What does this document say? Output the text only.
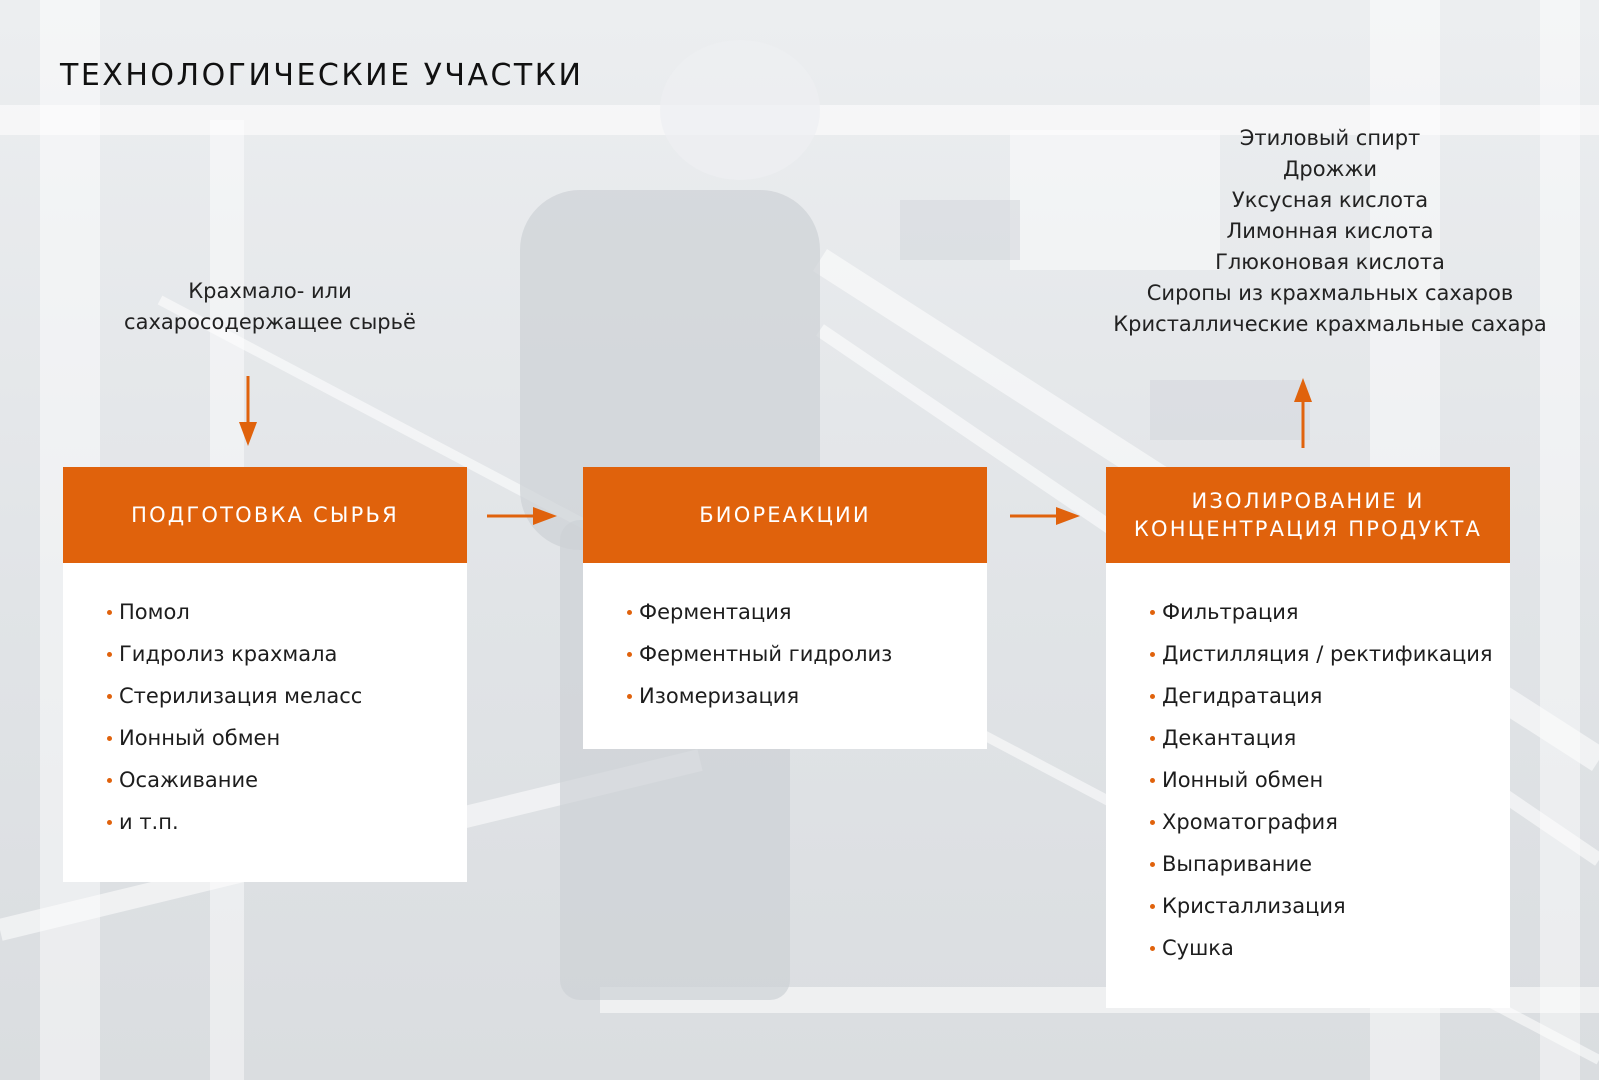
ТЕХНОЛОГИЧЕСКИЕ УЧАСТКИ
Крахмало- или
сахаросодержащее сырьё
Этиловый спирт
Дрожжи
Уксусная кислота
Лимонная кислота
Глюконовая кислота
Сиропы из крахмальных сахаров
Кристаллические крахмальные сахара
ПОДГОТОВКА СЫРЬЯ
Помол
Гидролиз крахмала
Стерилизация меласс
Ионный обмен
Осаживание
и т.п.
БИОРЕАКЦИИ
Ферментация
Ферментный гидролиз
Изомеризация
ИЗОЛИРОВАНИЕ И
КОНЦЕНТРАЦИЯ ПРОДУКТА
Фильтрация
Дистилляция / ректификация
Дегидратация
Декантация
Ионный обмен
Хроматография
Выпаривание
Кристаллизация
Сушка
